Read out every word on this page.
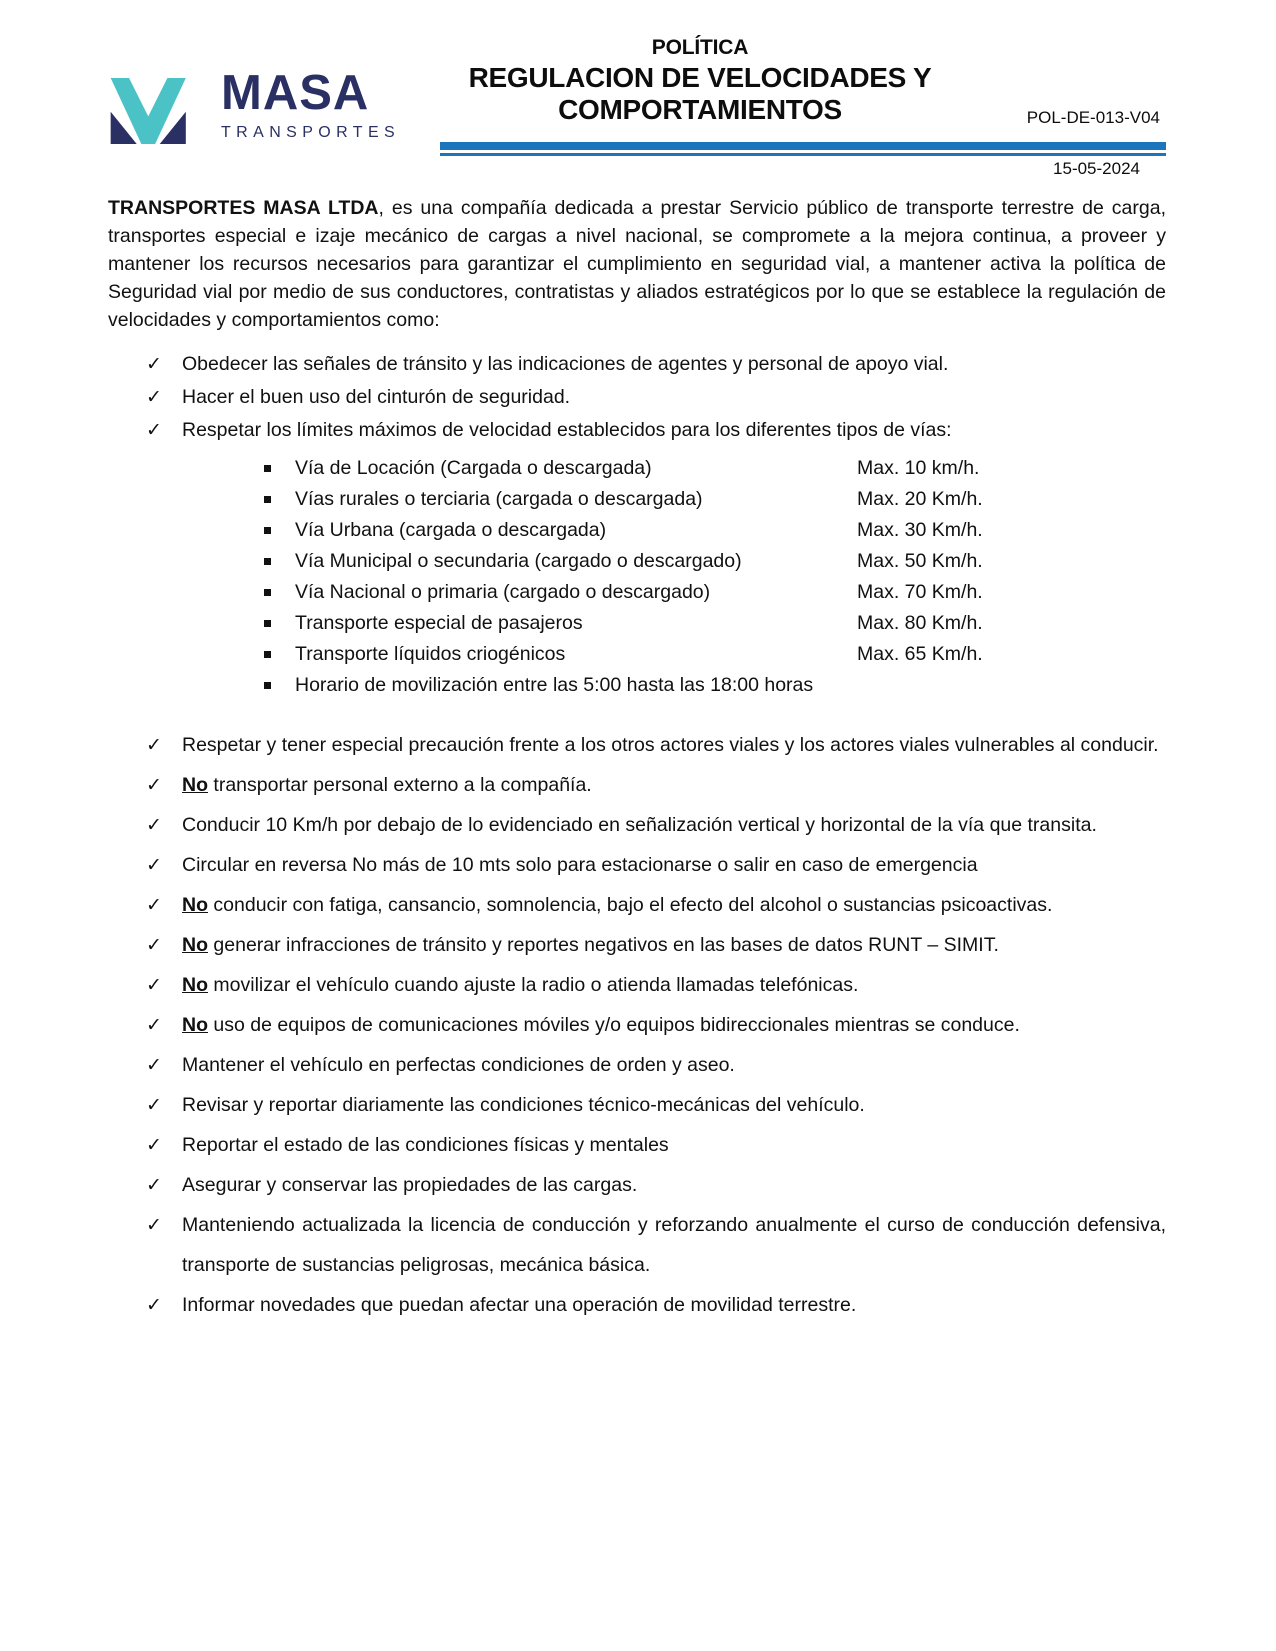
MASA
TRANSPORTES
POLÍTICA
REGULACION DE VELOCIDADES Y
COMPORTAMIENTOS	POL-DE-013-V04
15-05-2024

TRANSPORTES MASA LTDA, es una compañía dedicada a prestar Servicio público de transporte terrestre de carga, transportes especial e izaje mecánico de cargas a nivel nacional, se compromete a la mejora continua, a proveer y mantener los recursos necesarios para garantizar el cumplimiento en seguridad vial, a mantener activa la política de Seguridad vial por medio de sus conductores, contratistas y aliados estratégicos por lo que se establece la regulación de velocidades y comportamientos como:

✓ Obedecer las señales de tránsito y las indicaciones de agentes y personal de apoyo vial.
✓ Hacer el buen uso del cinturón de seguridad.
✓ Respetar los límites máximos de velocidad establecidos para los diferentes tipos de vías:
Vía de Locación (Cargada o descargada)	Max. 10 km/h.
Vías rurales o terciaria (cargada o descargada)	Max. 20 Km/h.
Vía Urbana (cargada o descargada)	Max. 30 Km/h.
Vía Municipal o secundaria (cargado o descargado)	Max. 50 Km/h.
Vía Nacional o primaria (cargado o descargado)	Max. 70 Km/h.
Transporte especial de pasajeros	Max. 80 Km/h.
Transporte líquidos criogénicos	Max. 65 Km/h.
Horario de movilización entre las 5:00 hasta las 18:00 horas
✓ Respetar y tener especial precaución frente a los otros actores viales y los actores viales vulnerables al conducir.
✓ No transportar personal externo a la compañía.
✓ Conducir 10 Km/h por debajo de lo evidenciado en señalización vertical y horizontal de la vía que transita.
✓ Circular en reversa No más de 10 mts solo para estacionarse o salir en caso de emergencia
✓ No conducir con fatiga, cansancio, somnolencia, bajo el efecto del alcohol o sustancias psicoactivas.
✓ No generar infracciones de tránsito y reportes negativos en las bases de datos RUNT – SIMIT.
✓ No movilizar el vehículo cuando ajuste la radio o atienda llamadas telefónicas.
✓ No uso de equipos de comunicaciones móviles y/o equipos bidireccionales mientras se conduce.
✓ Mantener el vehículo en perfectas condiciones de orden y aseo.
✓ Revisar y reportar diariamente las condiciones técnico-mecánicas del vehículo.
✓ Reportar el estado de las condiciones físicas y mentales
✓ Asegurar y conservar las propiedades de las cargas.
✓ Manteniendo actualizada la licencia de conducción y reforzando anualmente el curso de conducción defensiva, transporte de sustancias peligrosas, mecánica básica.
✓ Informar novedades que puedan afectar una operación de movilidad terrestre.
